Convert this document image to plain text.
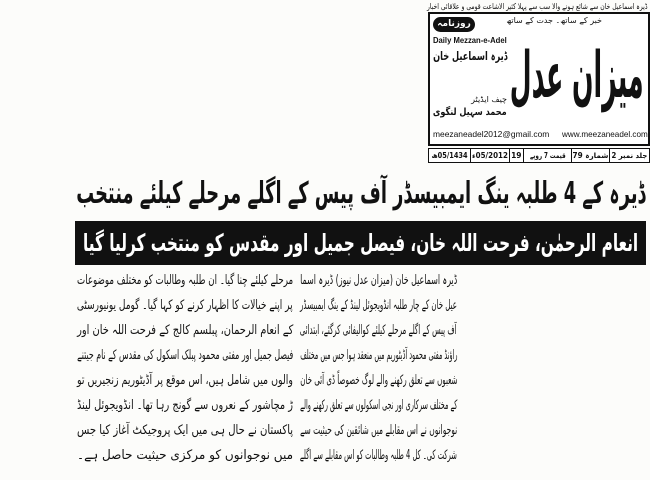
ڈیرہ اسماعیل خان سے شائع ہونے والا سب سے پہلا کثیر الاشاعت قومی و علاقائی اخبار
خبر کے ساتھ۔ جدت کے ساتھ
روزنامہ
Daily Mezzan-e-Adel
ڈیرہ اسماعیل خان میزان عدل
چیف ایڈیٹر
محمد سہیل لنگوی
meezaneadel2012@gmail.com	www.meezaneadel.com
جلد نمبر 2
شمارہ 79
قیمت 7 روپے
19
05/2012ء
05/1434ھ
ڈیرہ کے 4 طلبہ ینگ ایمبیسڈر آف پیس کے اگلے مرحلے کیلئے منتخب
انعام الرحمٰن، فرحت اللہ خان، فیصل جمیل اور مقدس کو منتخب کرلیا گیا
ڈیرہ اسماعیل خان (میزان عدل نیوز) ڈیرہ اسما
عیل خان کے چار طلبہ انڈویجوئل لینڈ کے ینگ ایمبیسڈر
آف پیس کے اگلے مرحلے کیلئے کوالیفائی کرگئے، ابتدائی
راؤنڈ مفتی محمود آڈیٹوریم میں منعقد ہوا جس میں مختلف
شعبوں سے تعلق رکھنے والے لوگ خصوصاً ڈی آئی خان
کے مختلف سرکاری اور نجی اسکولوں سے تعلق رکھنے والے
نوجوانوں نے اس مقابلے میں شائقین کی حیثیت سے
شرکت کی۔ کل 4 طلبہ وطالبات کو اس مقابلے سے اگلے
مرحلے کیلئے چنا گیا۔ ان طلبہ وطالبات کو مختلف موضوعات
پر اپنے خیالات کا اظہار کرنے کو کہا گیا۔ گومل یونیورسٹی
کے انعام الرحمان، پبلسم کالج کے فرحت اللہ خان اور
فیصل جمیل اور مفتی محمود پبلک اسکول کی مقدس کے نام جیتنے
والوں میں شامل ہیں، اس موقع پر آڈیٹوریم زنجیریں تو
ڑ مچاشور کے نعروں سے گونج رہا تھا۔ انڈویجوئل لینڈ
پاکستان نے حال ہی میں ایک پروجیکٹ آغاز کیا جس
میں نوجوانوں کو مرکزی حیثیت حاصل ہے۔
